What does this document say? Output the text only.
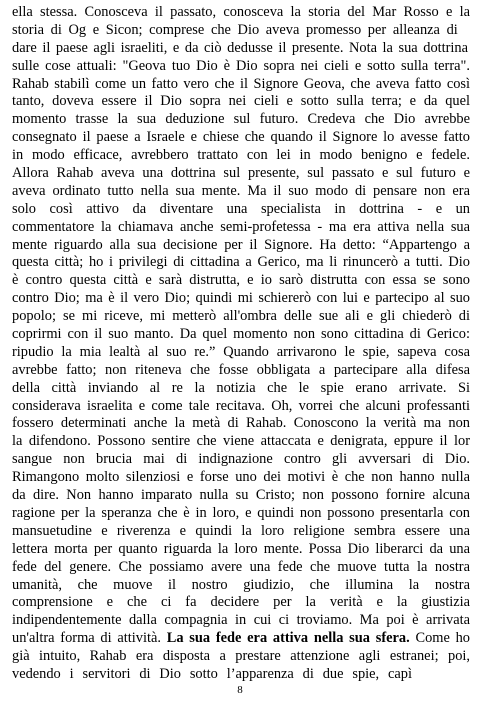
ella stessa. Conosceva il passato, conosceva la storia del Mar Rosso e la
storia di Og e Sicon; comprese che Dio aveva promesso per alleanza di
dare il paese agli israeliti, e da ciò dedusse il presente. Nota la sua dottrina
sulle cose attuali: "Geova tuo Dio è Dio sopra nei cieli e sotto sulla terra".
Rahab stabilì come un fatto vero che il Signore Geova, che aveva fatto così
tanto, doveva essere il Dio sopra nei cieli e sotto sulla terra; e da quel
momento trasse la sua deduzione sul futuro. Credeva che Dio avrebbe
consegnato il paese a Israele e chiese che quando il Signore lo avesse fatto
in modo efficace, avrebbero trattato con lei in modo benigno e fedele.
Allora Rahab aveva una dottrina sul presente, sul passato e sul futuro e
aveva ordinato tutto nella sua mente. Ma il suo modo di pensare non era
solo così attivo da diventare una specialista in dottrina - e un
commentatore la chiamava anche semi-profetessa - ma era attiva nella sua
mente riguardo alla sua decisione per il Signore. Ha detto: “Appartengo a
questa città; ho i privilegi di cittadina a Gerico, ma li rinuncerò a tutti. Dio
è contro questa città e sarà distrutta, e io sarò distrutta con essa se sono
contro Dio; ma è il vero Dio; quindi mi schiererò con lui e partecipo al suo
popolo; se mi riceve, mi metterò all'ombra delle sue ali e gli chiederò di
coprirmi con il suo manto. Da quel momento non sono cittadina di Gerico:
ripudio la mia lealtà al suo re.” Quando arrivarono le spie, sapeva cosa
avrebbe fatto; non riteneva che fosse obbligata a partecipare alla difesa
della città inviando al re la notizia che le spie erano arrivate. Si
considerava israelita e come tale recitava. Oh, vorrei che alcuni professanti
fossero determinati anche la metà di Rahab. Conoscono la verità ma non
la difendono. Possono sentire che viene attaccata e denigrata, eppure il lor
sangue non brucia mai di indignazione contro gli avversari di Dio.
Rimangono molto silenziosi e forse uno dei motivi è che non hanno nulla
da dire. Non hanno imparato nulla su Cristo; non possono fornire alcuna
ragione per la speranza che è in loro, e quindi non possono presentarla con
mansuetudine e riverenza e quindi la loro religione sembra essere una
lettera morta per quanto riguarda la loro mente. Possa Dio liberarci da una
fede del genere. Che possiamo avere una fede che muove tutta la nostra
umanità, che muove il nostro giudizio, che illumina la nostra
comprensione e che ci fa decidere per la verità e la giustizia
indipendentemente dalla compagnia in cui ci troviamo. Ma poi è arrivata
un'altra forma di attività. La sua fede era attiva nella sua sfera. Come ho
già intuito, Rahab era disposta a prestare attenzione agli estranei; poi,
vedendo i servitori di Dio sotto l’apparenza di due spie, capì
8
